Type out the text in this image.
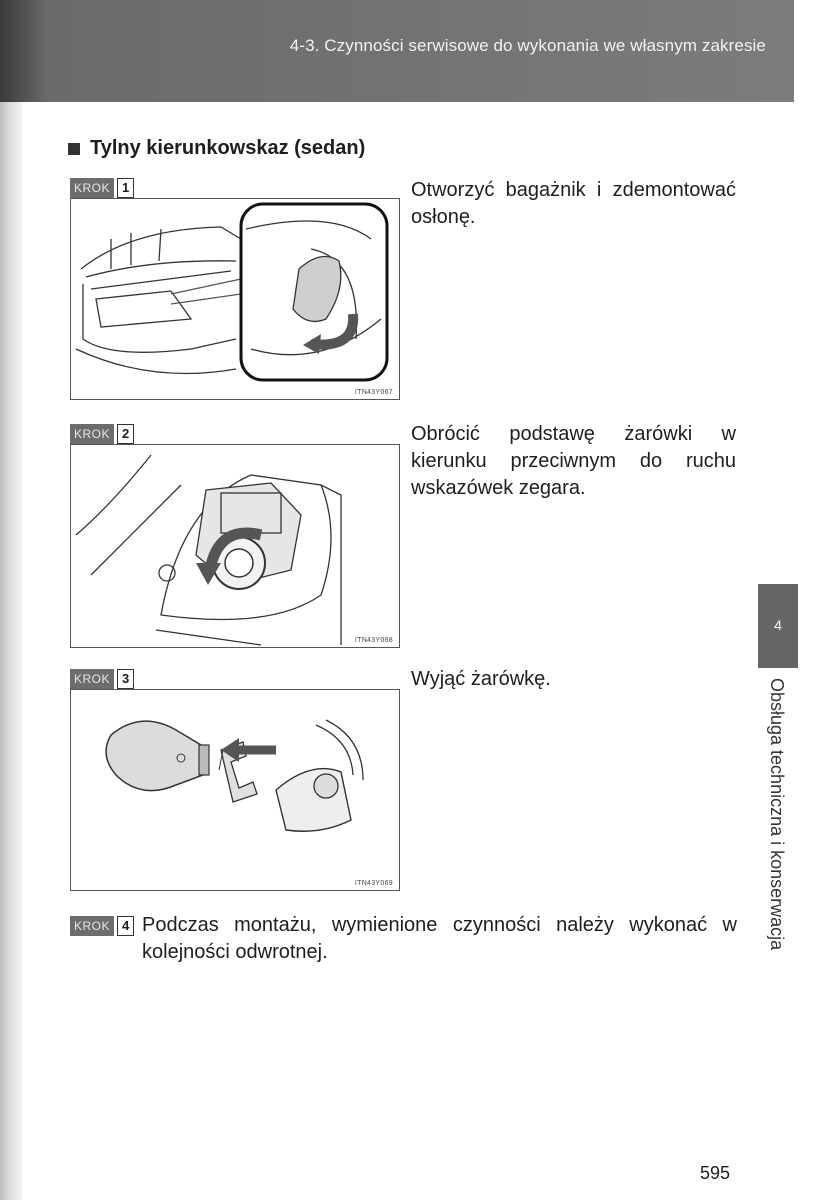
4-3. Czynności serwisowe do wykonania we własnym zakresie
Tylny kierunkowskaz (sedan)
KROK 1
ITN43Y067
Otworzyć bagażnik i zdemontować osłonę.
KROK 2
ITN43Y068
Obrócić podstawę żarówki w kierunku przeciwnym do ruchu wskazówek zegara.
KROK 3
ITN43Y069
Wyjąć żarówkę.
KROK 4 Podczas montażu, wymienione czynności należy wykonać w kolejności odwrotnej.
4
Obsługa techniczna i konserwacja
595
